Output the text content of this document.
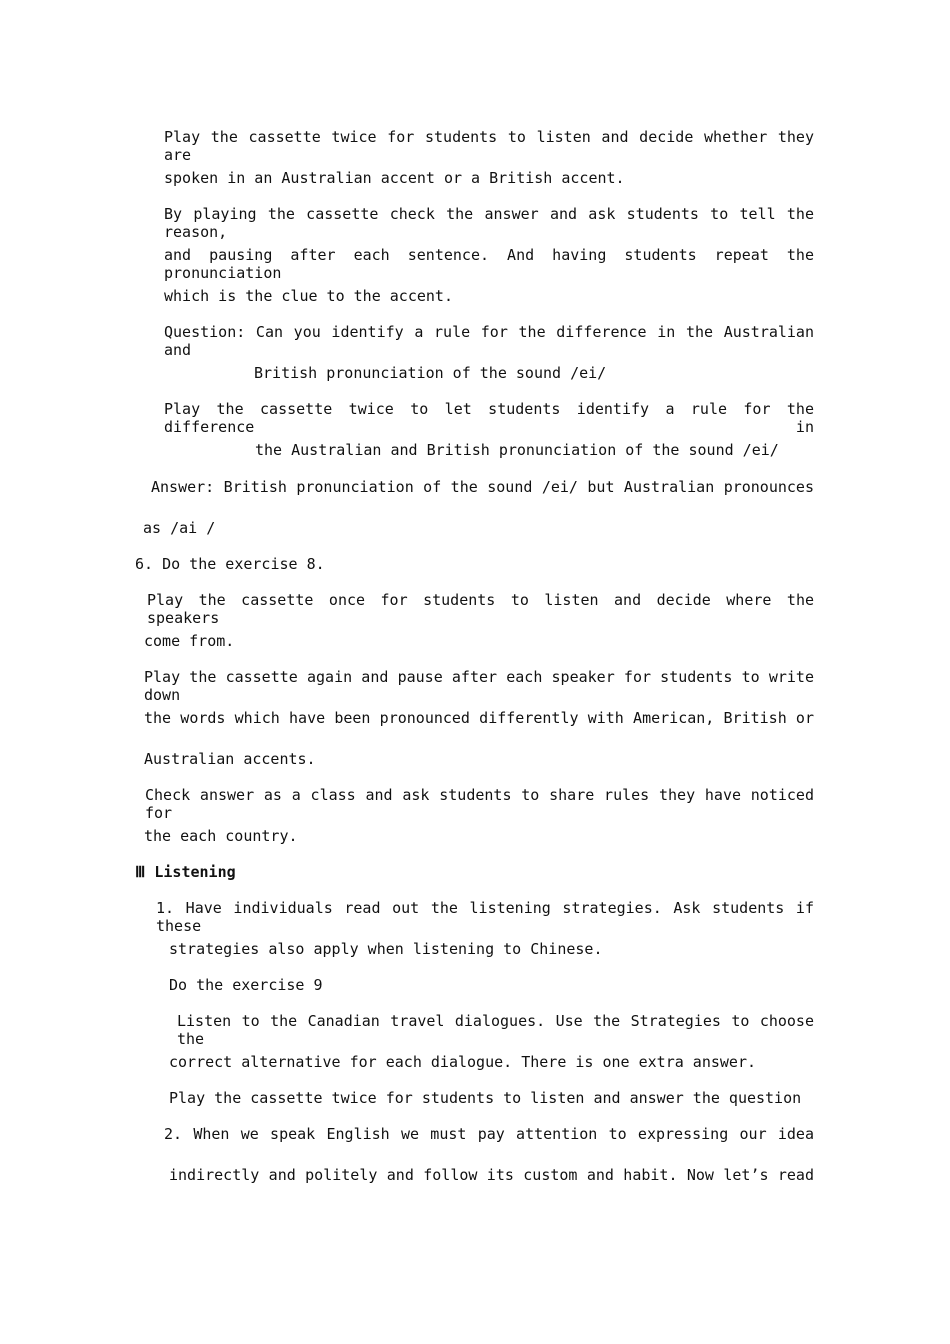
Play the cassette twice for students to listen and decide whether they are
spoken in an Australian accent or a British accent.
By playing the cassette check the answer and ask students to tell the reason,
and pausing after each sentence. And having students repeat the pronunciation
which is the clue to the accent.
Question: Can you identify a rule for the difference in the Australian and
British pronunciation of the sound /ei/
Play the cassette twice to let students identify a rule for the difference in
the Australian and British pronunciation of the sound /ei/
Answer: British pronunciation of the sound /ei/ but Australian pronounces
as /ai /
6. Do the exercise 8.
Play the cassette once for students to listen and decide where the speakers
come from.
Play the cassette again and pause after each speaker for students to write down
the words which have been pronounced differently with American, British or
Australian accents.
Check answer as a class and ask students to share rules they have noticed for
the each country.
Ⅲ Listening
1. Have individuals read out the listening strategies. Ask students if these
strategies also apply when listening to Chinese.
Do the exercise 9
Listen to the Canadian travel dialogues. Use the Strategies to choose the
correct alternative for each dialogue. There is one extra answer.
Play the cassette twice for students to listen and answer the question
2. When we speak English we must pay attention to expressing our idea
indirectly and politely and follow its custom and habit. Now let’s read
